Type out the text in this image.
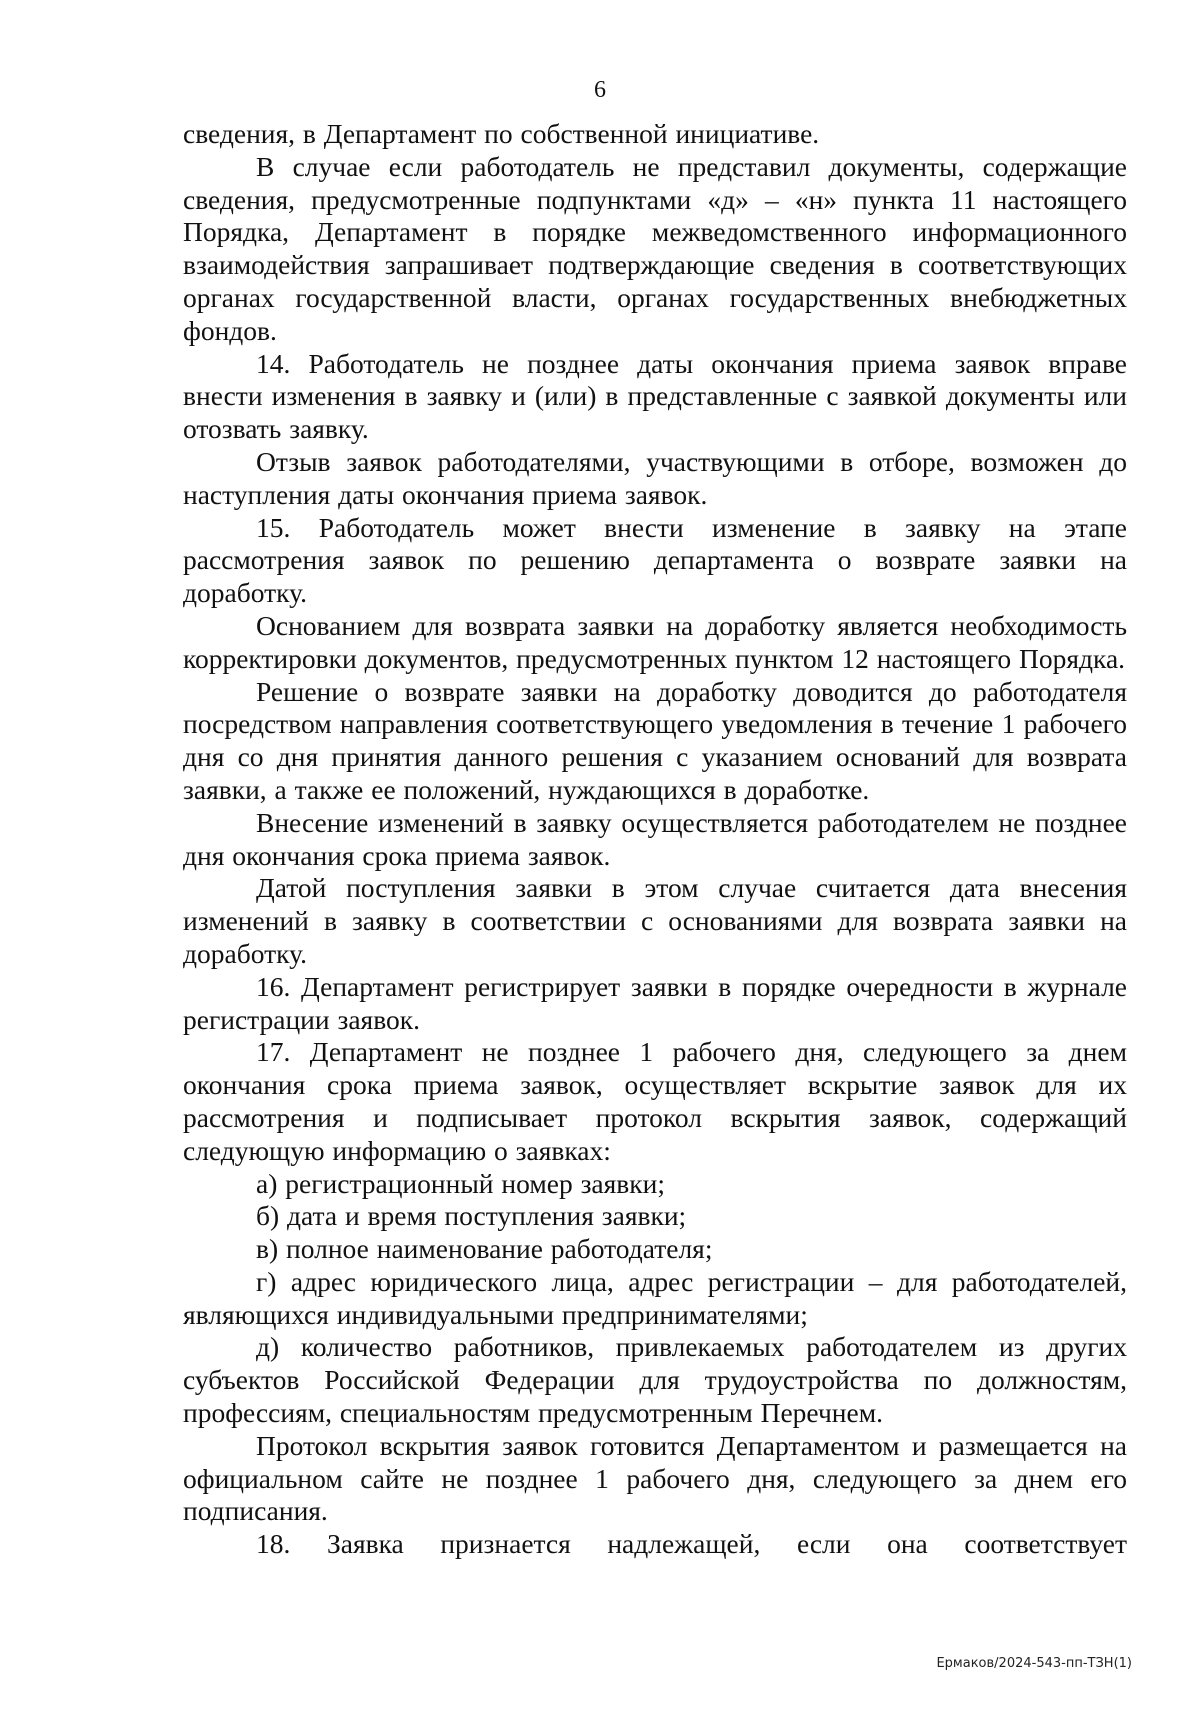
6

сведения, в Департамент по собственной инициативе.

В случае если работодатель не представил документы, содержащие сведения, предусмотренные подпунктами «д» – «н» пункта 11 настоящего Порядка, Департамент в порядке межведомственного информационного взаимодействия запрашивает подтверждающие сведения в соответствующих органах государственной власти, органах государственных внебюджетных фондов.

14. Работодатель не позднее даты окончания приема заявок вправе внести изменения в заявку и (или) в представленные с заявкой документы или отозвать заявку.

Отзыв заявок работодателями, участвующими в отборе, возможен до наступления даты окончания приема заявок.

15. Работодатель может внести изменение в заявку на этапе рассмотрения заявок по решению департамента о возврате заявки на доработку.

Основанием для возврата заявки на доработку является необходимость корректировки документов, предусмотренных пунктом 12 настоящего Порядка.

Решение о возврате заявки на доработку доводится до работодателя посредством направления соответствующего уведомления в течение 1 рабочего дня со дня принятия данного решения с указанием оснований для возврата заявки, а также ее положений, нуждающихся в доработке.

Внесение изменений в заявку осуществляется работодателем не позднее дня окончания срока приема заявок.

Датой поступления заявки в этом случае считается дата внесения изменений в заявку в соответствии с основаниями для возврата заявки на доработку.

16. Департамент регистрирует заявки в порядке очередности в журнале регистрации заявок.

17. Департамент не позднее 1 рабочего дня, следующего за днем окончания срока приема заявок, осуществляет вскрытие заявок для их рассмотрения и подписывает протокол вскрытия заявок, содержащий следующую информацию о заявках:

а) регистрационный номер заявки;

б) дата и время поступления заявки;

в) полное наименование работодателя;

г) адрес юридического лица, адрес регистрации – для работодателей, являющихся индивидуальными предпринимателями;

д) количество работников, привлекаемых работодателем из других субъектов Российской Федерации для трудоустройства по должностям, профессиям, специальностям предусмотренным Перечнем.

Протокол вскрытия заявок готовится Департаментом и размещается на официальном сайте не позднее 1 рабочего дня, следующего за днем его подписания.

18. Заявка признается надлежащей, если она соответствует

Ермаков/2024-543-пп-ТЗН(1)
